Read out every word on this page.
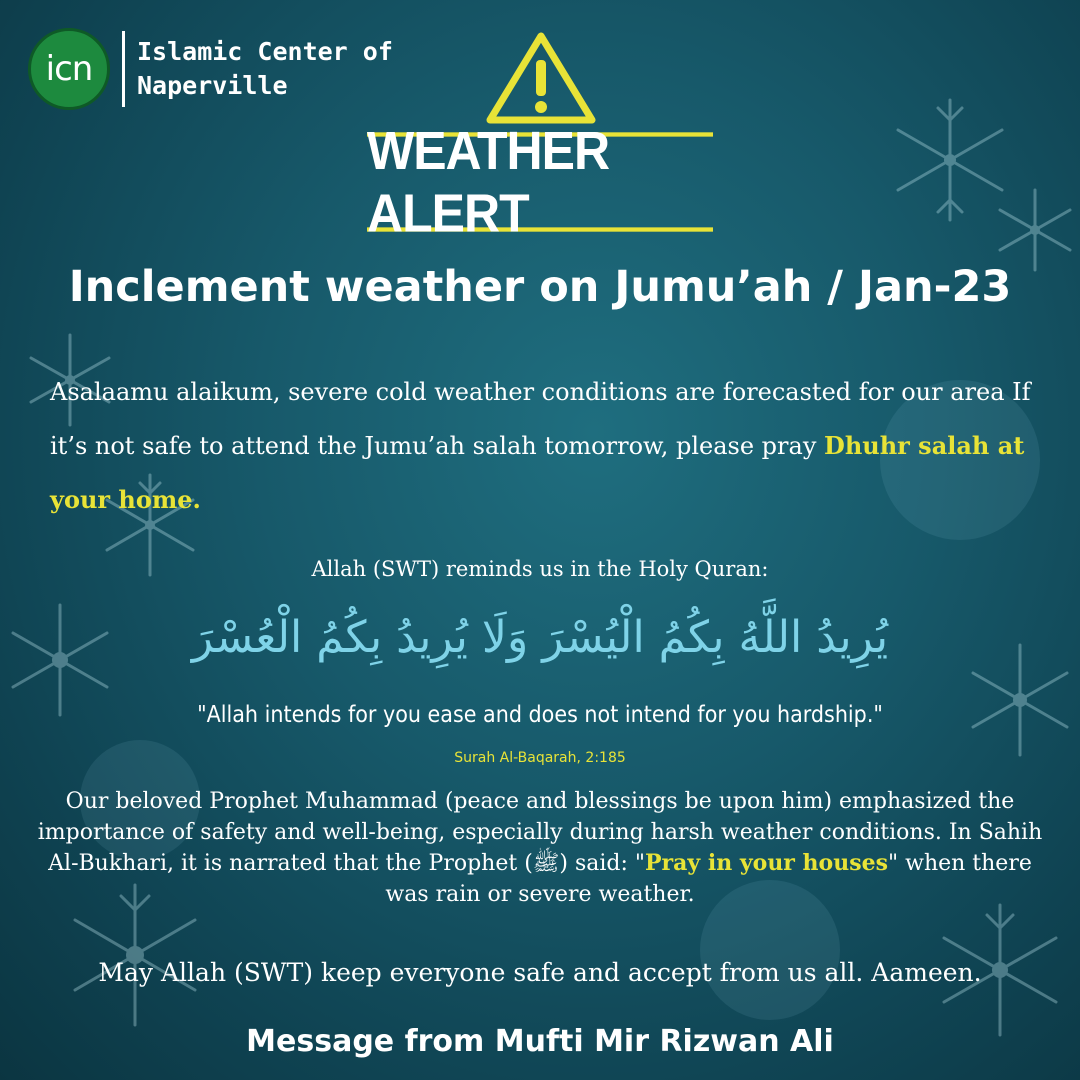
icn	Islamic Center of
Naperville
WEATHER ALERT
Inclement weather on Jumu’ah / Jan-23
Asalaamu alaikum, severe cold weather conditions are forecasted for our area If it’s not safe to attend the Jumu’ah salah tomorrow, please pray Dhuhr salah at your home.
Allah (SWT) reminds us in the Holy Quran:
يُرِيدُ اللَّهُ بِكُمُ الْيُسْرَ وَلَا يُرِيدُ بِكُمُ الْعُسْرَ
"Allah intends for you ease and does not intend for you hardship."
Surah Al-Baqarah, 2:185
Our beloved Prophet Muhammad (peace and blessings be upon him) emphasized the importance of safety and well-being, especially during harsh weather conditions. In Sahih Al-Bukhari, it is narrated that the Prophet (ﷺ) said: "Pray in your houses" when there was rain or severe weather.
May Allah (SWT) keep everyone safe and accept from us all. Aameen.
Message from Mufti Mir Rizwan Ali
